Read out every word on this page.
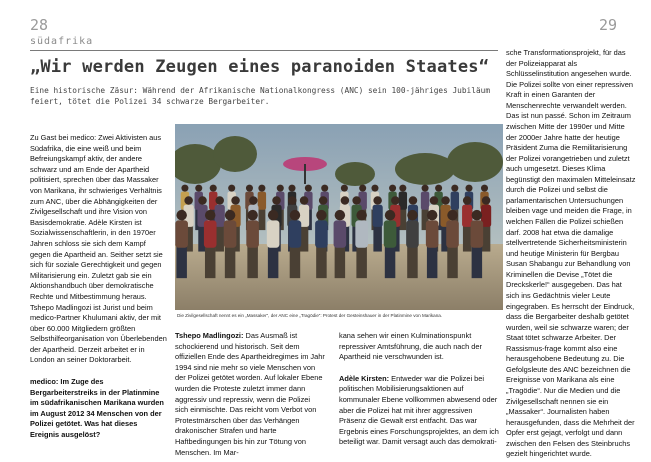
28	29
südafrika
„Wir werden Zeugen eines paranoiden Staates“
Eine historische Zäsur: Während der Afrikanische Nationalkongress (ANC) sein 100-jähriges Jubiläum feiert, tötet die Polizei 34 schwarze Bergarbeiter.

Zu Gast bei medico: Zwei Aktivisten aus Südafrika, die eine weiß und beim Befreiungskampf aktiv, der andere schwarz und am Ende der Apartheid politisiert, sprechen über das Massaker von Marikana, ihr schwieriges Verhältnis zum ANC, über die Abhängigkeiten der Zivilgesellschaft und ihre Vision von Basisdemokratie. Adèle Kirsten ist Sozialwissenschaftlerin, in den 1970er Jahren schloss sie sich dem Kampf gegen die Apartheid an. Seither setzt sie sich für soziale Gerechtigkeit und gegen Militarisierung ein. Zuletzt gab sie ein Aktionshandbuch über demokratische Rechte und Mitbestimmung heraus. Tshepo Madlingozi ist Jurist und beim medico-Partner Khulumani aktiv, der mit über 60.000 Mitgliedern größten Selbsthilfeorganisation von Überlebenden der Apartheid. Derzeit arbeitet er in London an seiner Doktorarbeit.

medico: Im Zuge des Bergarbeiterstreiks in der Platinmine im südafrikanischen Marikana wurden im August 2012 34 Menschen von der Polizei getötet. Was hat dieses Ereignis ausgelöst?

Die Zivilgesellschaft nennt es ein „Massaker“, der ANC eine „Tragödie“: Protest der Gesteinshauer in der Platinmine von Marikana.
Tshepo Madlingozi: Das Ausmaß ist schockierend und historisch. Seit dem offiziellen Ende des Apartheidregimes im Jahr 1994 sind nie mehr so viele Menschen von der Polizei getötet worden. Auf lokaler Ebene wurden die Proteste zuletzt immer dann aggressiv und repressiv, wenn die Polizei sich einmischte. Das reicht vom Verbot von Protestmärschen über das Verhängen drakonischer Strafen und harte Haftbedingungen bis hin zur Tötung von Menschen. Im Mar-

kana sehen wir einen Kulminationspunkt repressiver Amtsführung, die auch nach der Apartheid nie verschwunden ist.

Adèle Kirsten: Entweder war die Polizei bei politischen Mobilisierungsaktionen auf kommunaler Ebene vollkommen abwesend oder aber die Polizei hat mit ihrer aggressiven Präsenz die Gewalt erst entfacht. Das war Ergebnis eines Forschungsprojektes, an dem ich beteiligt war. Damit versagt auch das demokrati-

sche Transformationsprojekt, für das der Polizeiapparat als Schlüsselinstitution angesehen wurde. Die Polizei sollte von einer repressiven Kraft in einen Garanten der Menschenrechte verwandelt werden. Das ist nun passé. Schon im Zeitraum zwischen Mitte der 1990er und Mitte der 2000er Jahre hatte der heutige Präsident Zuma die Remilitarisierung der Polizei vorangetrieben und zuletzt auch umgesetzt. Dieses Klima begünstigt den maximalen Mitteleinsatz durch die Polizei und selbst die parlamentarischen Untersuchungen bleiben vage und meiden die Frage, in welchen Fällen die Polizei schießen darf. 2008 hat etwa die damalige stellvertretende Sicherheitsministerin und heutige Ministerin für Bergbau Susan Shabangu zur Behandlung von Kriminellen die Devise „Tötet die Dreckskerle!“ ausgegeben. Das hat sich ins Gedächtnis vieler Leute eingegraben. Es herrscht der Eindruck, dass die Bergarbeiter deshalb getötet wurden, weil sie schwarze waren; der Staat tötet schwarze Arbeiter. Der Rassismus-frage kommt also eine herausgehobene Bedeutung zu. Die Gefolgsleute des ANC bezeichnen die Ereignisse von Marikana als eine „Tragödie“. Nur die Medien und die Zivilgesellschaft nennen sie ein „Massaker“. Journalisten haben herausgefunden, dass die Mehrheit der Opfer erst gejagt, verfolgt und dann zwischen den Felsen des Steinbruchs gezielt hingerichtet wurde.
